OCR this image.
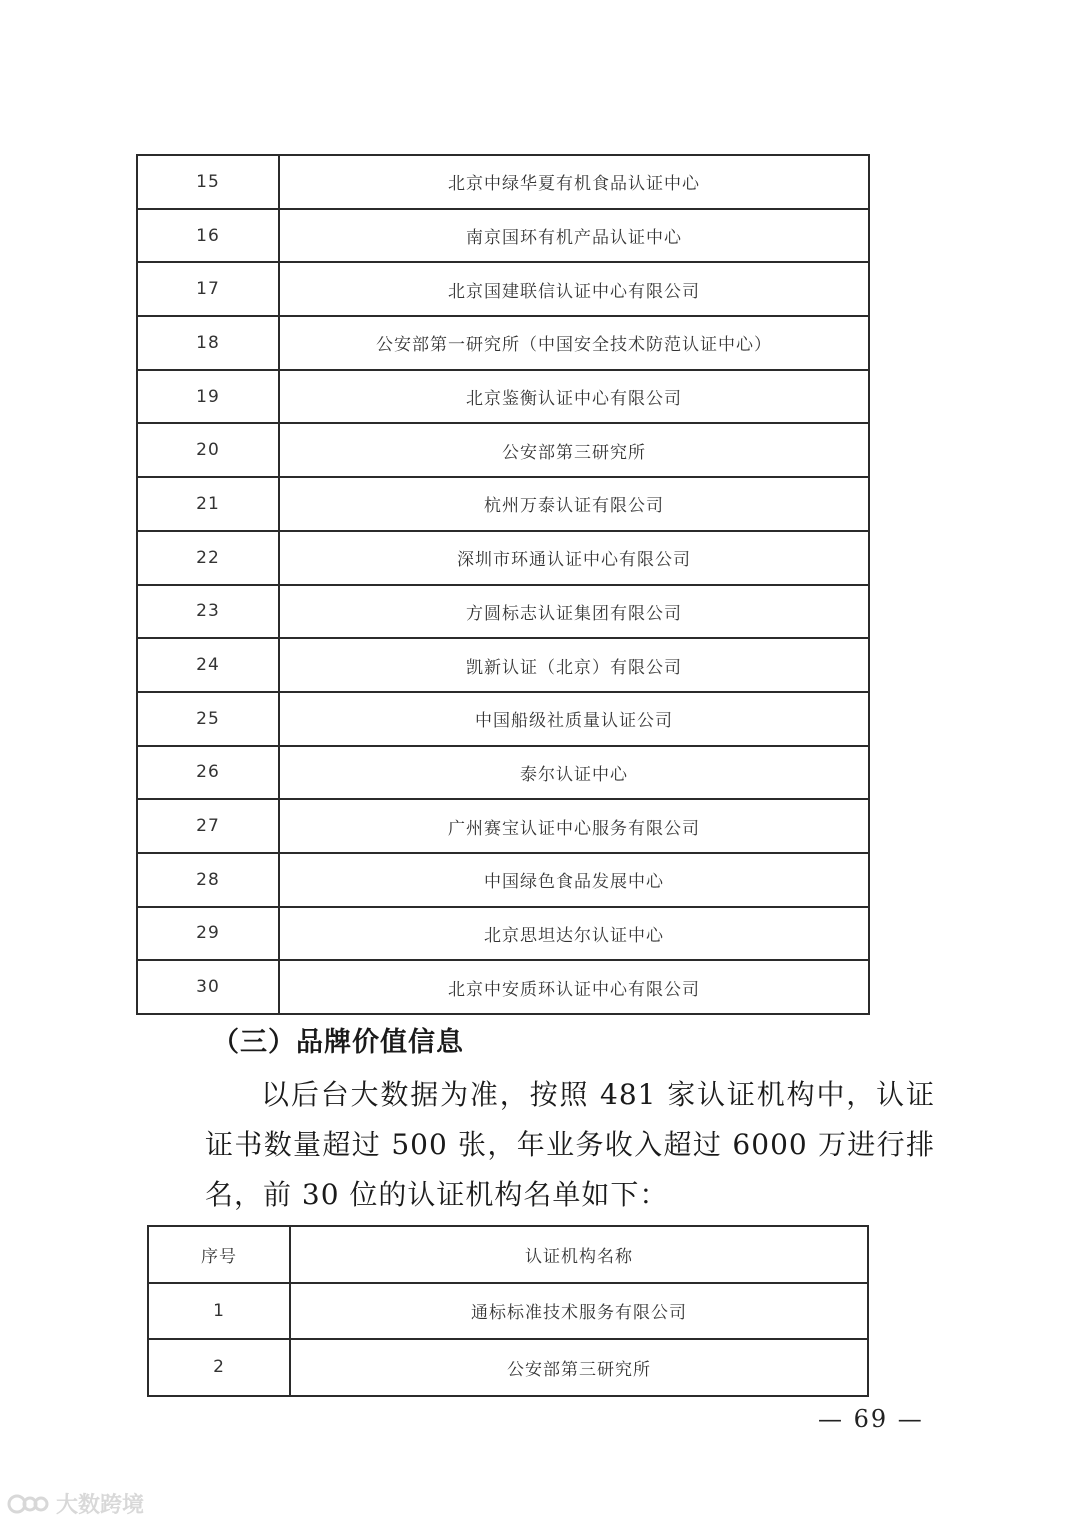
15	北京中绿华夏有机食品认证中心
16	南京国环有机产品认证中心
17	北京国建联信认证中心有限公司
18	公安部第一研究所（中国安全技术防范认证中心）
19	北京鉴衡认证中心有限公司
20	公安部第三研究所
21	杭州万泰认证有限公司
22	深圳市环通认证中心有限公司
23	方圆标志认证集团有限公司
24	凯新认证（北京）有限公司
25	中国船级社质量认证公司
26	泰尔认证中心
27	广州赛宝认证中心服务有限公司
28	中国绿色食品发展中心
29	北京思坦达尔认证中心
30	北京中安质环认证中心有限公司
（三）品牌价值信息

以后台大数据为准，按照 481 家认证机构中，认证证书数量超过 500 张，年业务收入超过 6000 万进行排名，前 30 位的认证机构名单如下：

序号	认证机构名称
1	通标标准技术服务有限公司
2	公安部第三研究所
— 69 —
大数跨境
